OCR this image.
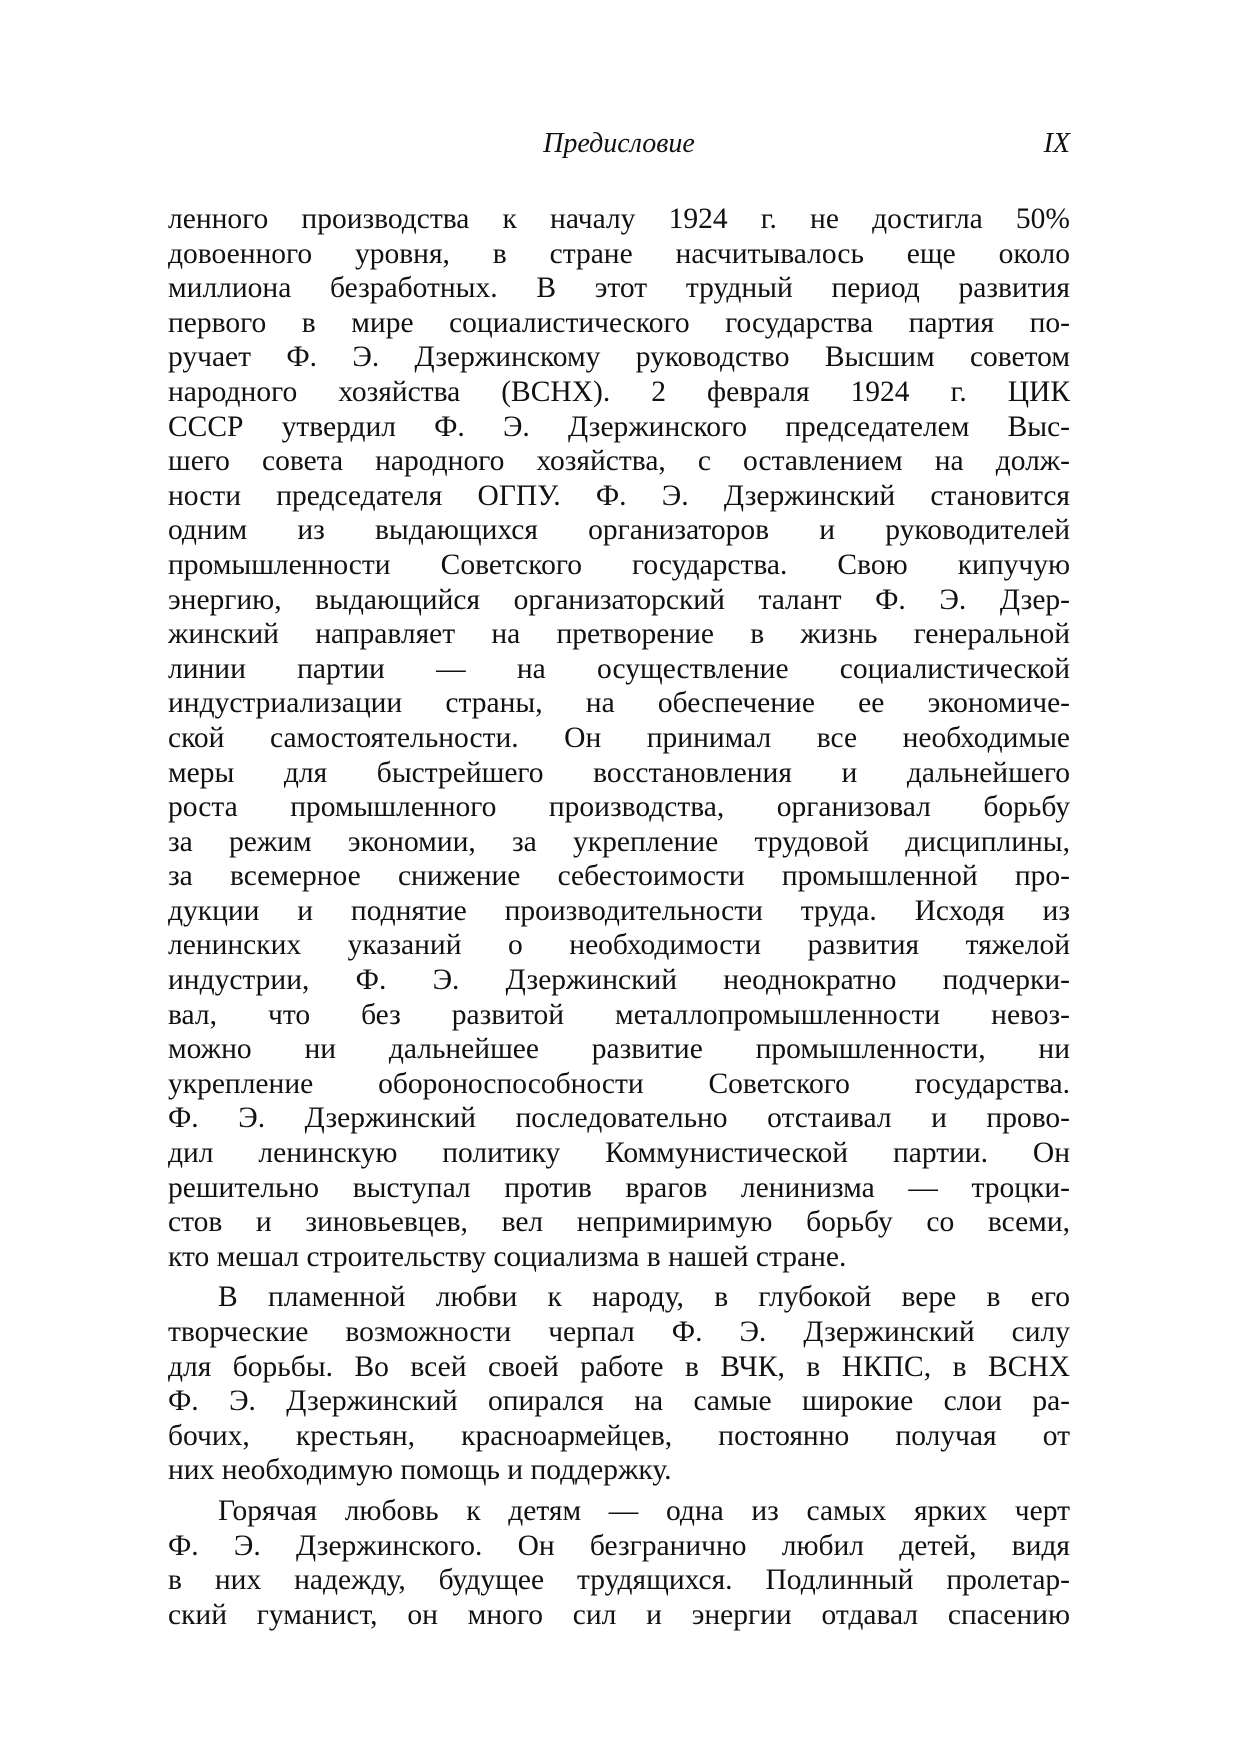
Предисловие	IX

ленного производства к началу 1924 г. не достигла 50%
довоенного уровня, в стране насчитывалось еще около
миллиона безработных. В этот трудный период развития
первого в мире социалистического государства партия по-
ручает Ф. Э. Дзержинскому руководство Высшим советом
народного хозяйства (ВСНХ). 2 февраля 1924 г. ЦИК
СССР утвердил Ф. Э. Дзержинского председателем Выс-
шего совета народного хозяйства, с оставлением на долж-
ности председателя ОГПУ. Ф. Э. Дзержинский становится
одним из выдающихся организаторов и руководителей
промышленности Советского государства. Свою кипучую
энергию, выдающийся организаторский талант Ф. Э. Дзер-
жинский направляет на претворение в жизнь генеральной
линии партии — на осуществление социалистической
индустриализации страны, на обеспечение ее экономиче-
ской самостоятельности. Он принимал все необходимые
меры для быстрейшего восстановления и дальнейшего
роста промышленного производства, организовал борьбу
за режим экономии, за укрепление трудовой дисциплины,
за всемерное снижение себестоимости промышленной про-
дукции и поднятие производительности труда. Исходя из
ленинских указаний о необходимости развития тяжелой
индустрии, Ф. Э. Дзержинский неоднократно подчерки-
вал, что без развитой металлопромышленности невоз-
можно ни дальнейшее развитие промышленности, ни
укрепление обороноспособности Советского государства.
Ф. Э. Дзержинский последовательно отстаивал и прово-
дил ленинскую политику Коммунистической партии. Он
решительно выступал против врагов ленинизма — троцки-
стов и зиновьевцев, вел непримиримую борьбу со всеми,
кто мешал строительству социализма в нашей стране.

В пламенной любви к народу, в глубокой вере в его
творческие возможности черпал Ф. Э. Дзержинский силу
для борьбы. Во всей своей работе в ВЧК, в НКПС, в ВСНХ
Ф. Э. Дзержинский опирался на самые широкие слои ра-
бочих, крестьян, красноармейцев, постоянно получая от
них необходимую помощь и поддержку.

Горячая любовь к детям — одна из самых ярких черт
Ф. Э. Дзержинского. Он безгранично любил детей, видя
в них надежду, будущее трудящихся. Подлинный пролетар-
ский гуманист, он много сил и энергии отдавал спасению
